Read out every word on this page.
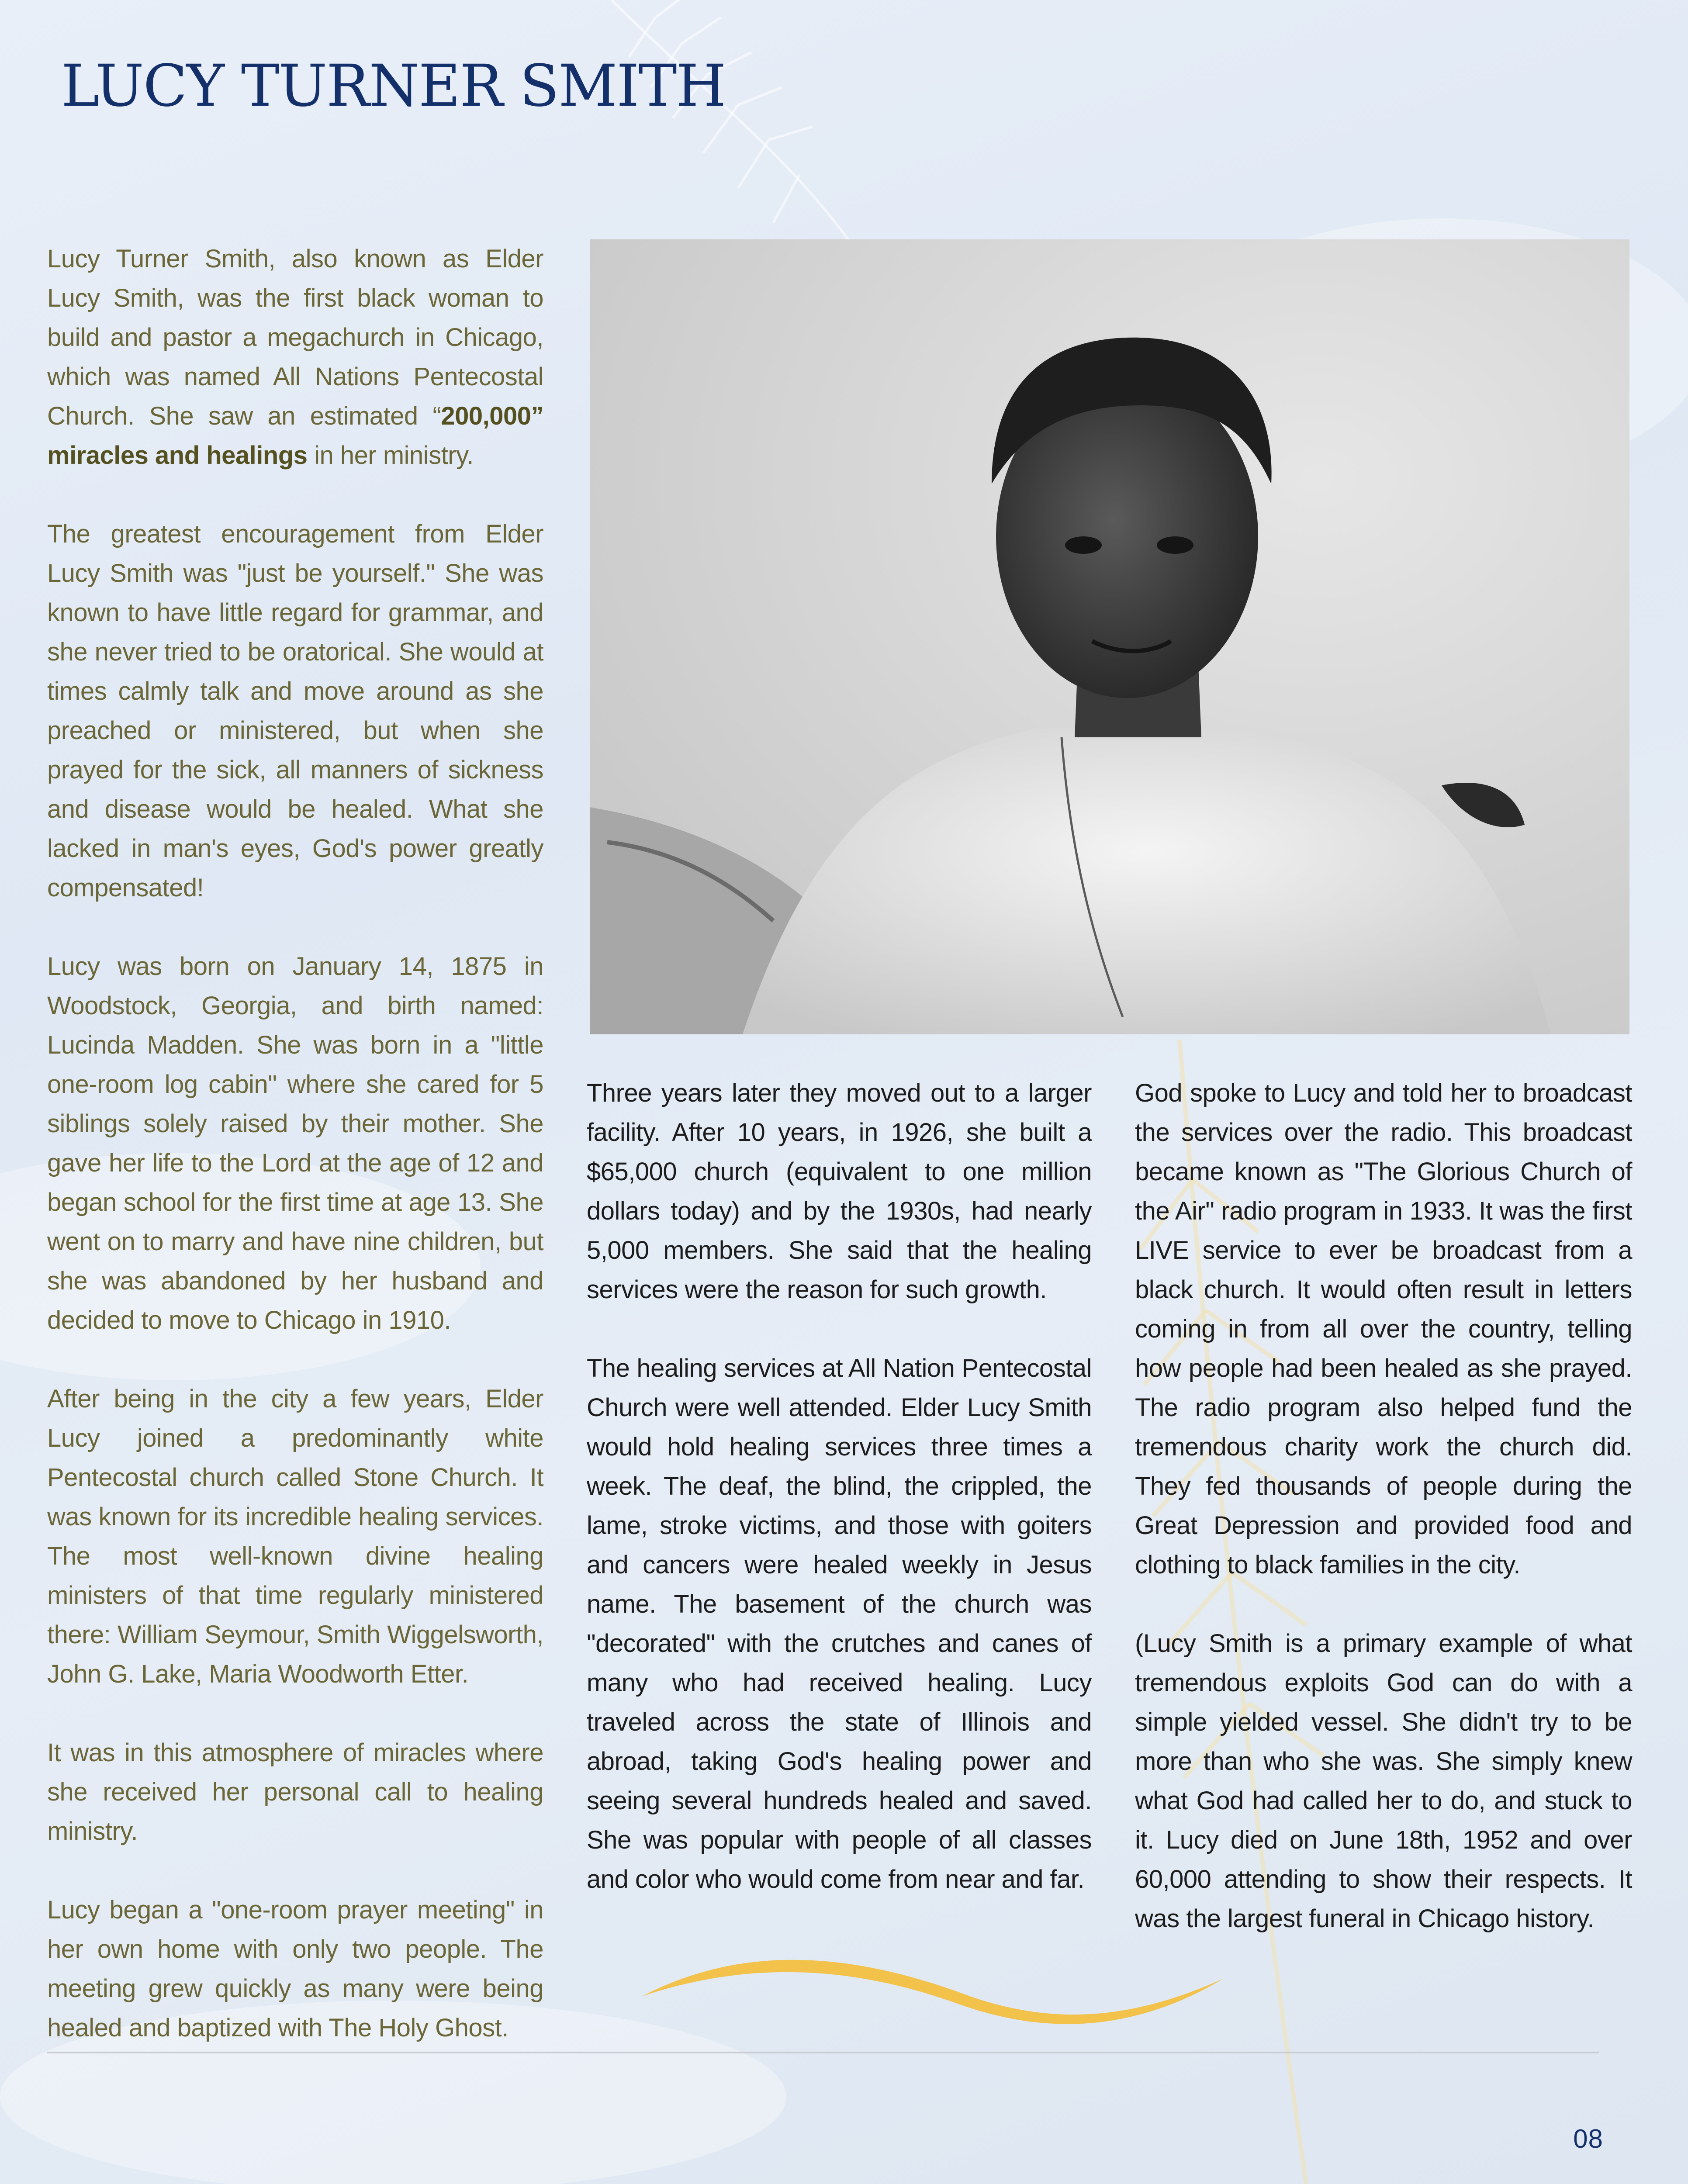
LUCY TURNER SMITH

Lucy Turner Smith, also known as Elder Lucy Smith, was the first black woman to build and pastor a megachurch in Chicago, which was named All Nations Pentecostal Church. She saw an estimated “200,000” miracles and healings in her ministry.

The greatest encouragement from Elder Lucy Smith was "just be yourself." She was known to have little regard for grammar, and she never tried to be oratorical. She would at times calmly talk and move around as she preached or ministered, but when she prayed for the sick, all manners of sickness and disease would be healed. What she lacked in man's eyes, God's power greatly compensated!

Lucy was born on January 14, 1875 in Woodstock, Georgia, and birth named: Lucinda Madden. She was born in a "little one-room log cabin" where she cared for 5 siblings solely raised by their mother. She gave her life to the Lord at the age of 12 and began school for the first time at age 13. She went on to marry and have nine children, but she was abandoned by her husband and decided to move to Chicago in 1910.

After being in the city a few years, Elder Lucy joined a predominantly white Pentecostal church called Stone Church. It was known for its incredible healing services. The most well-known divine healing ministers of that time regularly ministered there: William Seymour, Smith Wiggelsworth, John G. Lake, Maria Woodworth Etter.

It was in this atmosphere of miracles where she received her personal call to healing ministry.

Lucy began a "one-room prayer meeting" in her own home with only two people. The meeting grew quickly as many were being healed and baptized with The Holy Ghost.

Three years later they moved out to a larger facility. After 10 years, in 1926, she built a $65,000 church (equivalent to one million dollars today) and by the 1930s, had nearly 5,000 members. She said that the healing services were the reason for such growth.

The healing services at All Nation Pentecostal Church were well attended. Elder Lucy Smith would hold healing services three times a week. The deaf, the blind, the crippled, the lame, stroke victims, and those with goiters and cancers were healed weekly in Jesus name. The basement of the church was "decorated" with the crutches and canes of many who had received healing. Lucy traveled across the state of Illinois and abroad, taking God's healing power and seeing several hundreds healed and saved. She was popular with people of all classes and color who would come from near and far.

God spoke to Lucy and told her to broadcast the services over the radio. This broadcast became known as "The Glorious Church of the Air" radio program in 1933. It was the first LIVE service to ever be broadcast from a black church. It would often result in letters coming in from all over the country, telling how people had been healed as she prayed. The radio program also helped fund the tremendous charity work the church did. They fed thousands of people during the Great Depression and provided food and clothing to black families in the city.

(Lucy Smith is a primary example of what tremendous exploits God can do with a simple yielded vessel. She didn't try to be more than who she was. She simply knew what God had called her to do, and stuck to it. Lucy died on June 18th, 1952 and over 60,000 attending to show their respects. It was the largest funeral in Chicago history.

08
